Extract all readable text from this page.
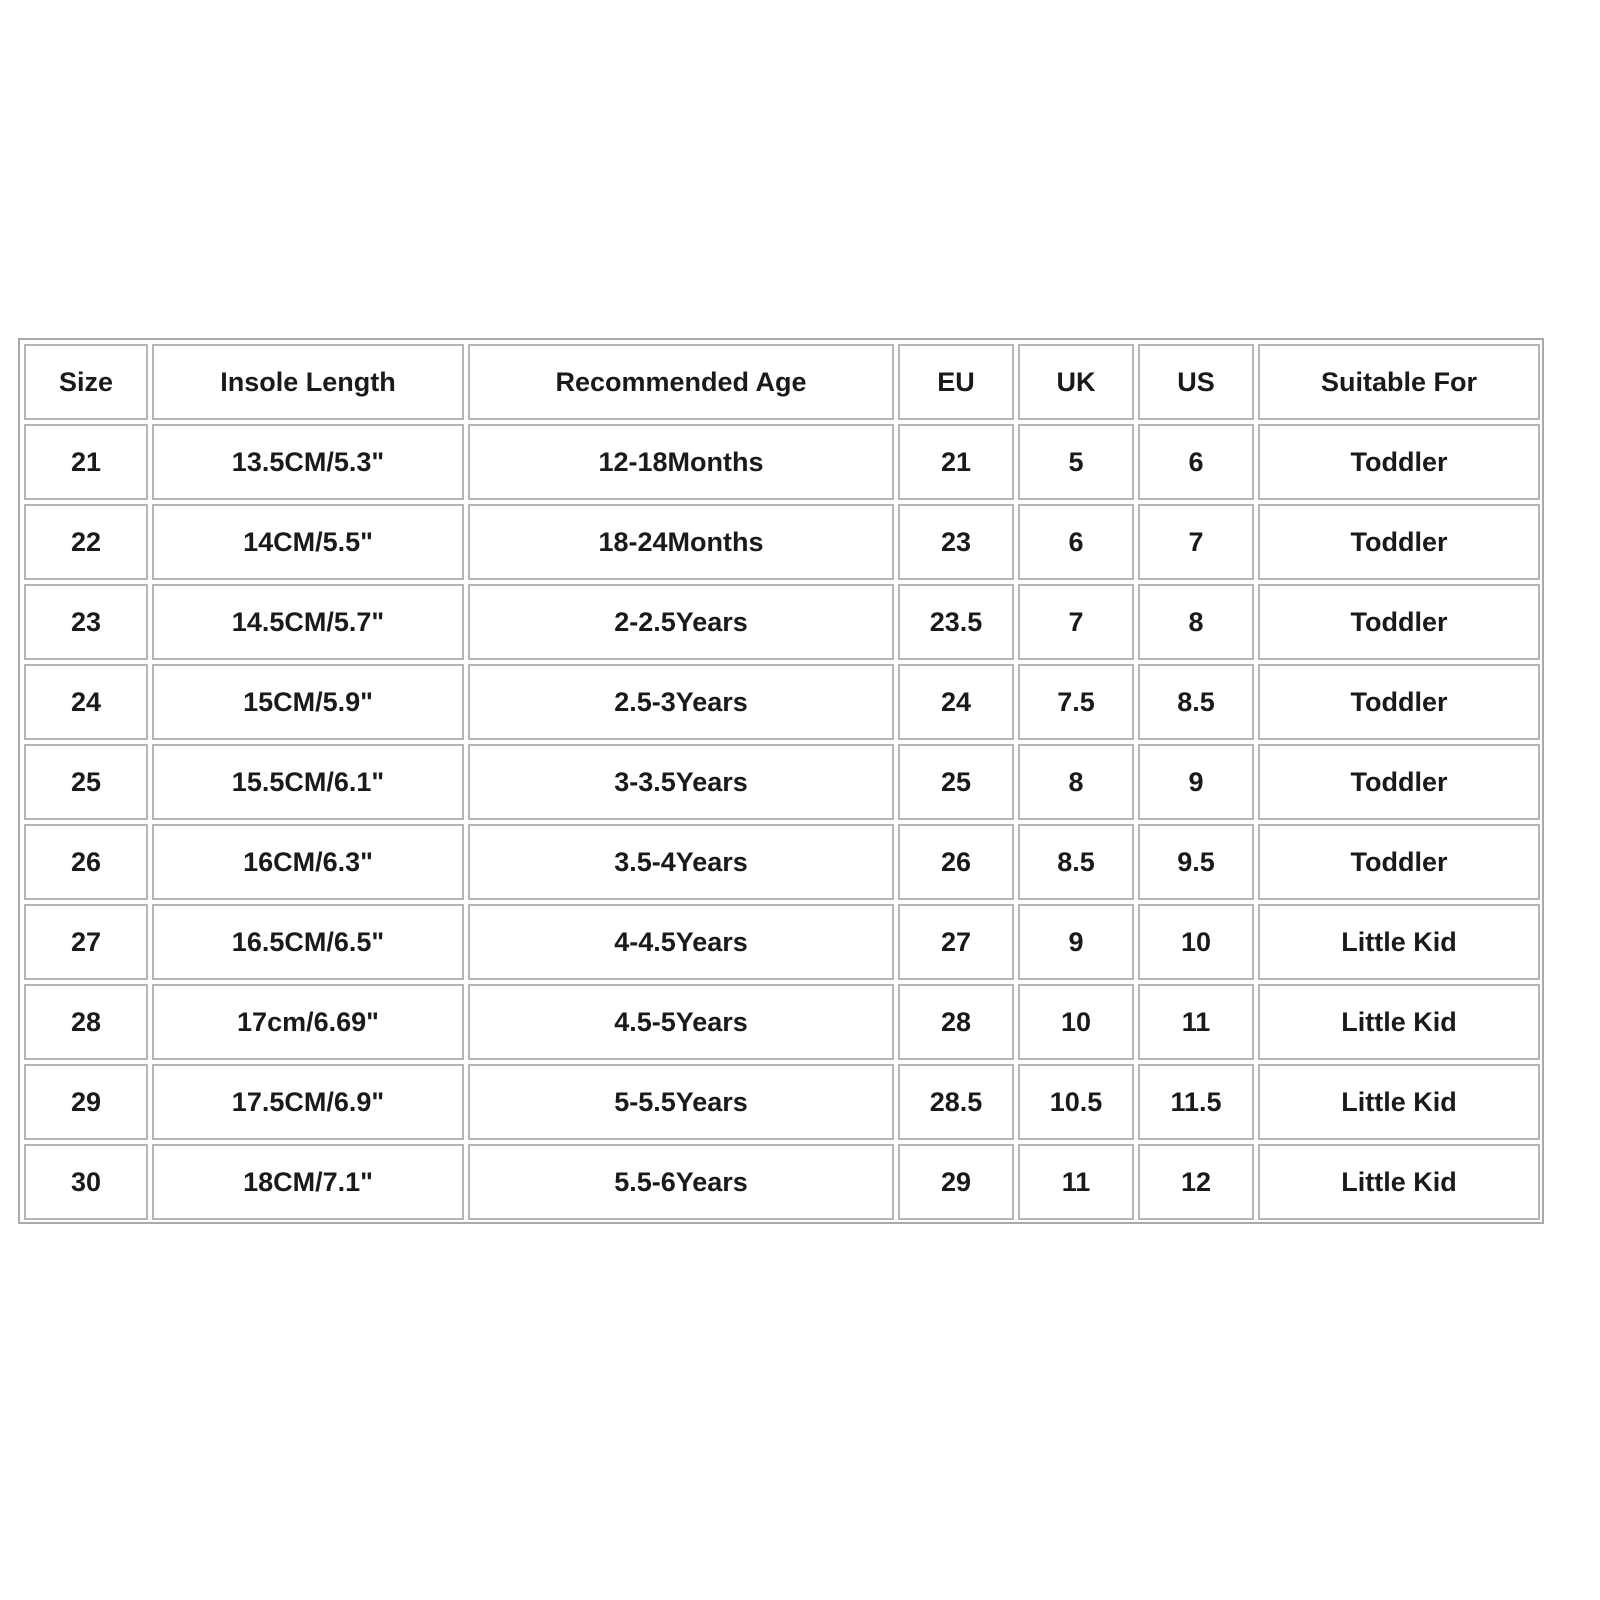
Size	Insole Length	Recommended Age	EU	UK	US	Suitable For
21	13.5CM/5.3"	12-18Months	21	5	6	Toddler
22	14CM/5.5"	18-24Months	23	6	7	Toddler
23	14.5CM/5.7"	2-2.5Years	23.5	7	8	Toddler
24	15CM/5.9"	2.5-3Years	24	7.5	8.5	Toddler
25	15.5CM/6.1"	3-3.5Years	25	8	9	Toddler
26	16CM/6.3"	3.5-4Years	26	8.5	9.5	Toddler
27	16.5CM/6.5"	4-4.5Years	27	9	10	Little Kid
28	17cm/6.69"	4.5-5Years	28	10	11	Little Kid
29	17.5CM/6.9"	5-5.5Years	28.5	10.5	11.5	Little Kid
30	18CM/7.1"	5.5-6Years	29	11	12	Little Kid
